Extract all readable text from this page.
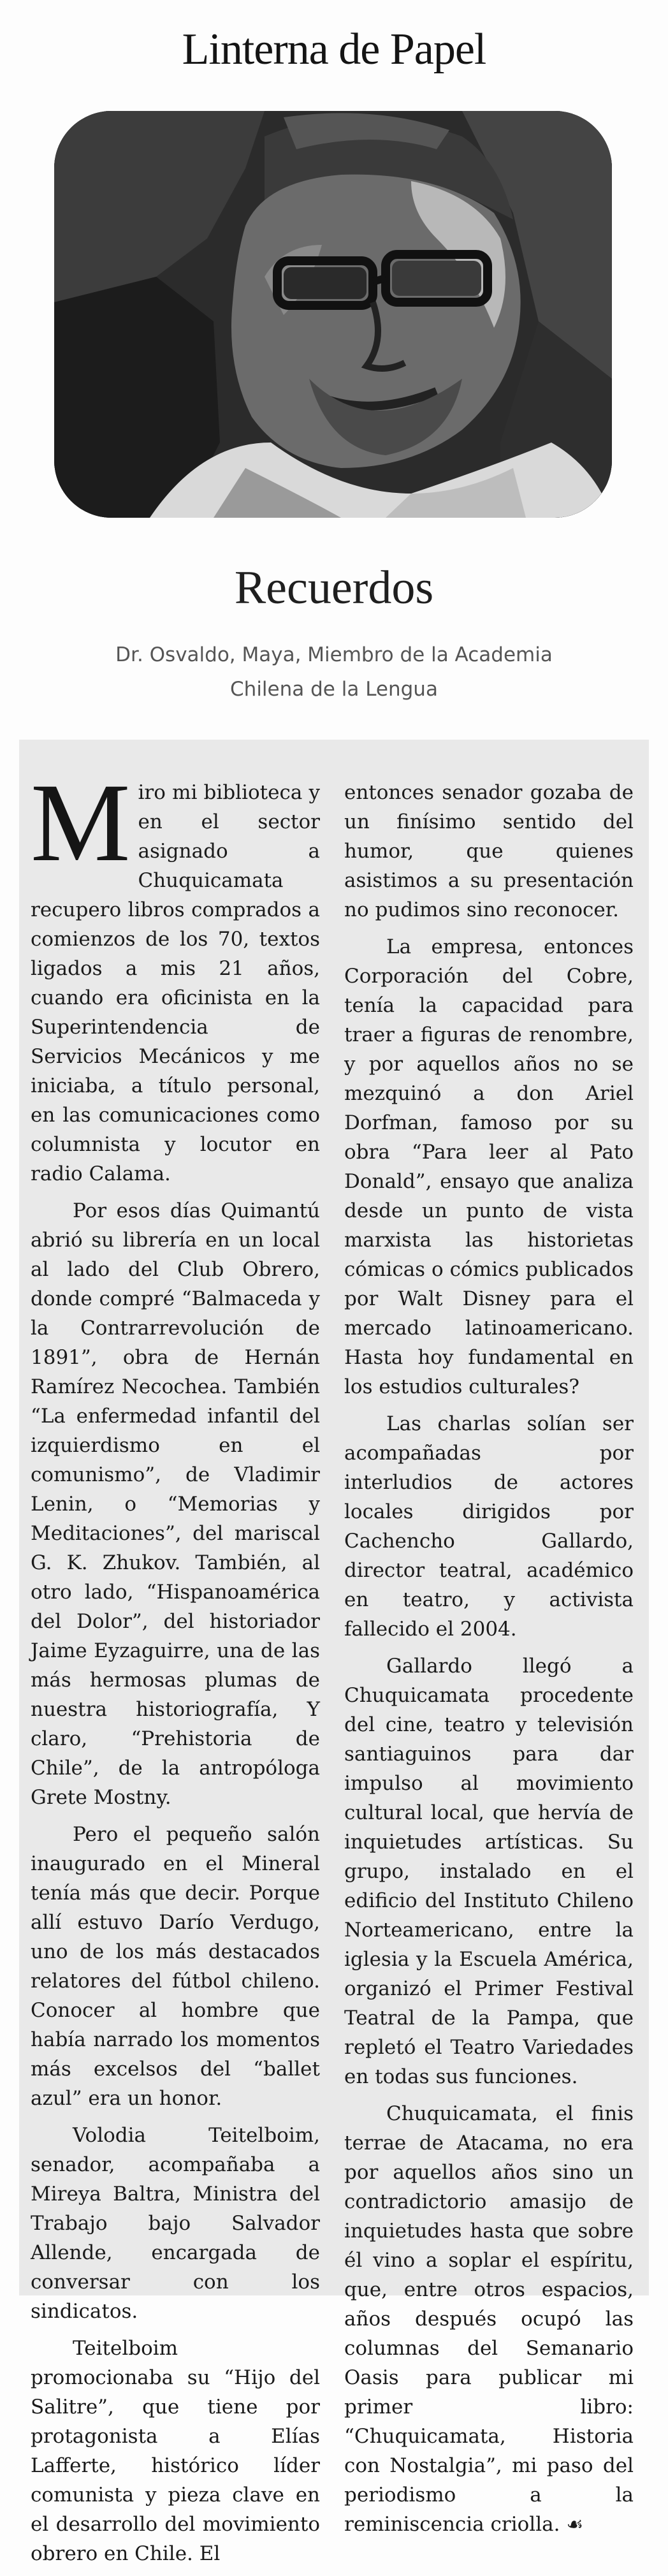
Linterna de Papel
Recuerdos
Dr. Osvaldo, Maya, Miembro de la Academia Chilena de la Lengua

Miro mi biblioteca y en el sector asignado a Chuquicamata recupero libros comprados a comienzos de los 70, textos ligados a mis 21 años, cuando era oficinista en la Superintendencia de Servicios Mecánicos y me iniciaba, a título personal, en las comunicaciones como columnista y locutor en radio Calama.

Por esos días Quimantú abrió su librería en un local al lado del Club Obrero, donde compré “Balmaceda y la Contrarrevolución de 1891”, obra de Hernán Ramírez Necochea. También “La enfermedad infantil del izquierdismo en el comunismo”, de Vladimir Lenin, o “Memorias y Meditaciones”, del mariscal G. K. Zhukov. También, al otro lado, “Hispanoamérica del Dolor”, del historiador Jaime Eyzaguirre, una de las más hermosas plumas de nuestra historiografía, Y claro, “Prehistoria de Chile”, de la antropóloga Grete Mostny.

Pero el pequeño salón inaugurado en el Mineral tenía más que decir. Porque allí estuvo Darío Verdugo, uno de los más destacados relatores del fútbol chileno. Conocer al hombre que había narrado los momentos más excelsos del “ballet azul” era un honor.

Volodia Teitelboim, senador, acompañaba a Mireya Baltra, Ministra del Trabajo bajo Salvador Allende, encargada de conversar con los sindicatos.

Teitelboim promocionaba su “Hijo del Salitre”, que tiene por protagonista a Elías Lafferte, histórico líder comunista y pieza clave en el desarrollo del movimiento obrero en Chile. El

entonces senador gozaba de un finísimo sentido del humor, que quienes asistimos a su presentación no pudimos sino reconocer.

La empresa, entonces Corporación del Cobre, tenía la capacidad para traer a figuras de renombre, y por aquellos años no se mezquinó a don Ariel Dorfman, famoso por su obra “Para leer al Pato Donald”, ensayo que analiza desde un punto de vista marxista las historietas cómicas o cómics publicados por Walt Disney para el mercado latinoamericano. Hasta hoy fundamental en los estudios culturales?

Las charlas solían ser acompañadas por interludios de actores locales dirigidos por Cachencho Gallardo, director teatral, académico en teatro, y activista fallecido el 2004.

Gallardo llegó a Chuquicamata procedente del cine, teatro y televisión santiaguinos para dar impulso al movimiento cultural local, que hervía de inquietudes artísticas. Su grupo, instalado en el edificio del Instituto Chileno Norteamericano, entre la iglesia y la Escuela América, organizó el Primer Festival Teatral de la Pampa, que repletó el Teatro Variedades en todas sus funciones.

Chuquicamata, el finis terrae de Atacama, no era por aquellos años sino un contradictorio amasijo de inquietudes hasta que sobre él vino a soplar el espíritu, que, entre otros espacios, años después ocupó las columnas del Semanario Oasis para publicar mi primer libro: “Chuquicamata, Historia con Nostalgia”, mi paso del periodismo a la reminiscencia criolla. ☙
